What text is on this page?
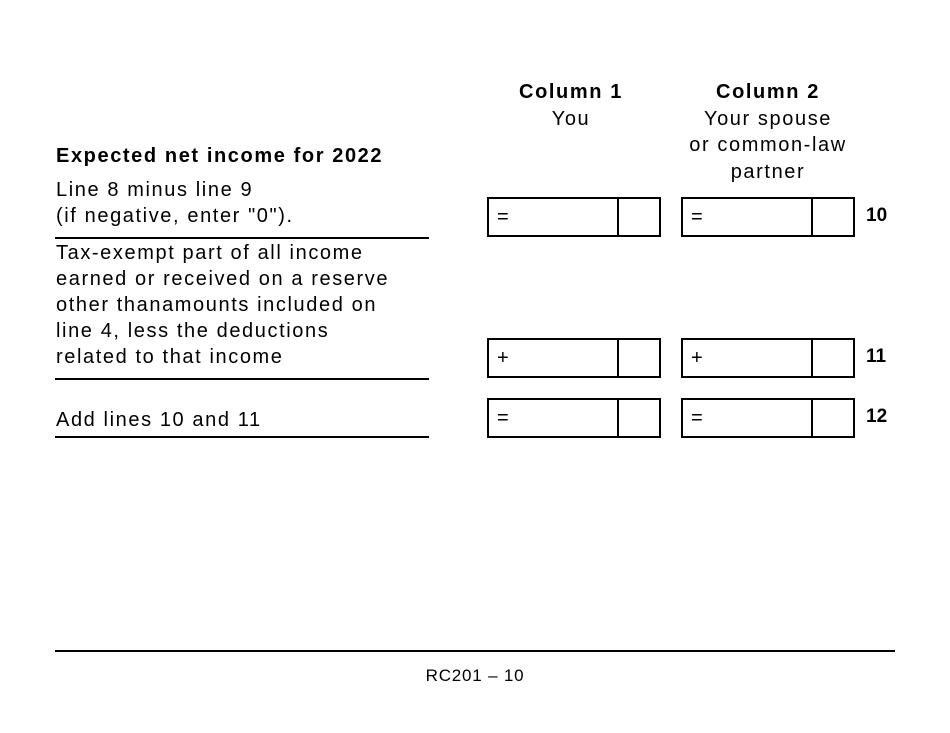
Column 1
You
Column 2
Your spouse
or common-law
partner
Expected net income for 2022
Line 8 minus line 9
(if negative, enter "0").	=	=	10
Tax-exempt part of all income
earned or received on a reserve
other thanamounts included on
line 4, less the deductions
related to that income	+	+	11
Add lines 10 and 11	=	=	12
RC201 – 10
